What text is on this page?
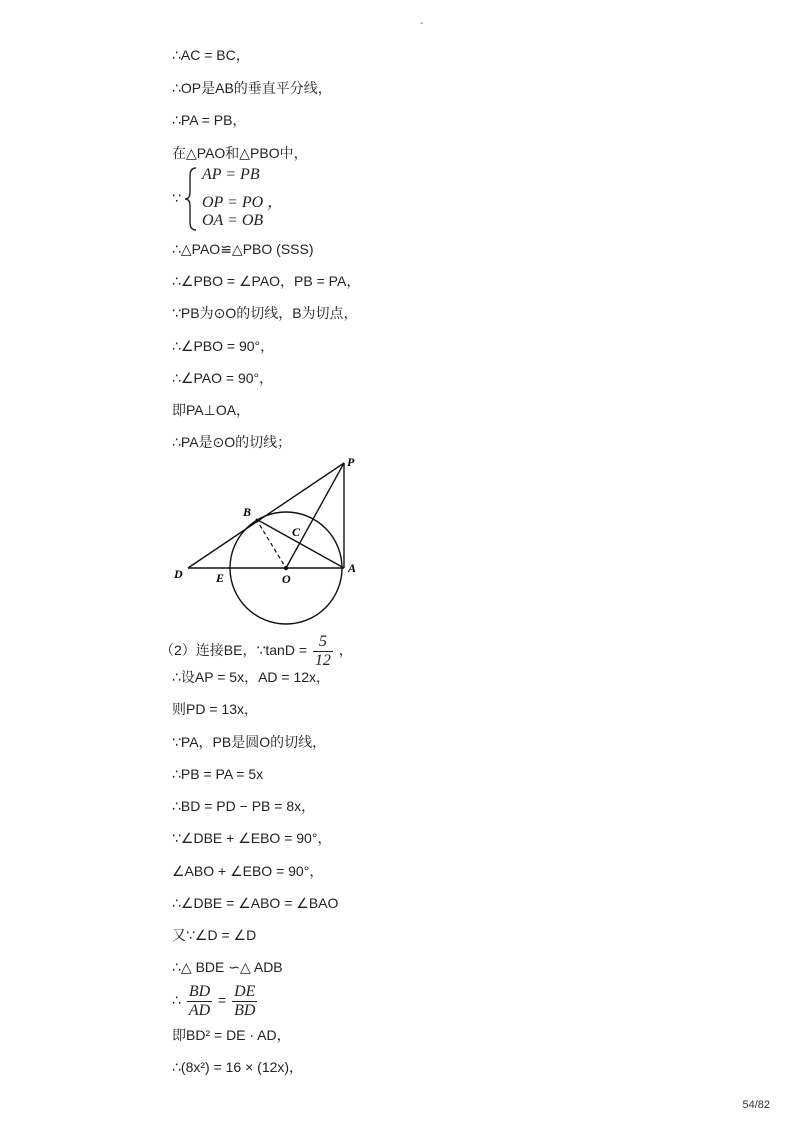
-
∴AC = BC，
∴OP是AB的垂直平分线，
∴PA = PB，
在△PAO和△PBO中，
∵
AP = PB
OP = PO ，
OA = OB
∴△PAO≌△PBO (SSS)
∴∠PBO = ∠PAO，PB = PA，
∵PB为⊙O的切线，B为切点，
∴∠PBO = 90°，
∴∠PAO = 90°，
即PA⊥OA，
∴PA是⊙O的切线；
P
B
C
D	E	O
A
（2）连接BE，∵tanD = $\frac{5}{12}$ ，
∴设AP = 5x，AD = 12x，
则PD = 13x，
∵PA，PB是圆O的切线，
∴PB = PA = 5x
∴BD = PD − PB = 8x，
∵∠DBE + ∠EBO = 90°，
∠ABO + ∠EBO = 90°，
∴∠DBE = ∠ABO = ∠BAO
又∵∠D = ∠D
∴△ BDE ∽△ ADB
∴ $\frac{BD}{AD} = \frac{DE}{BD}$
即BD² = DE · AD，
∴(8x²) = 16 × (12x)，
54/82
